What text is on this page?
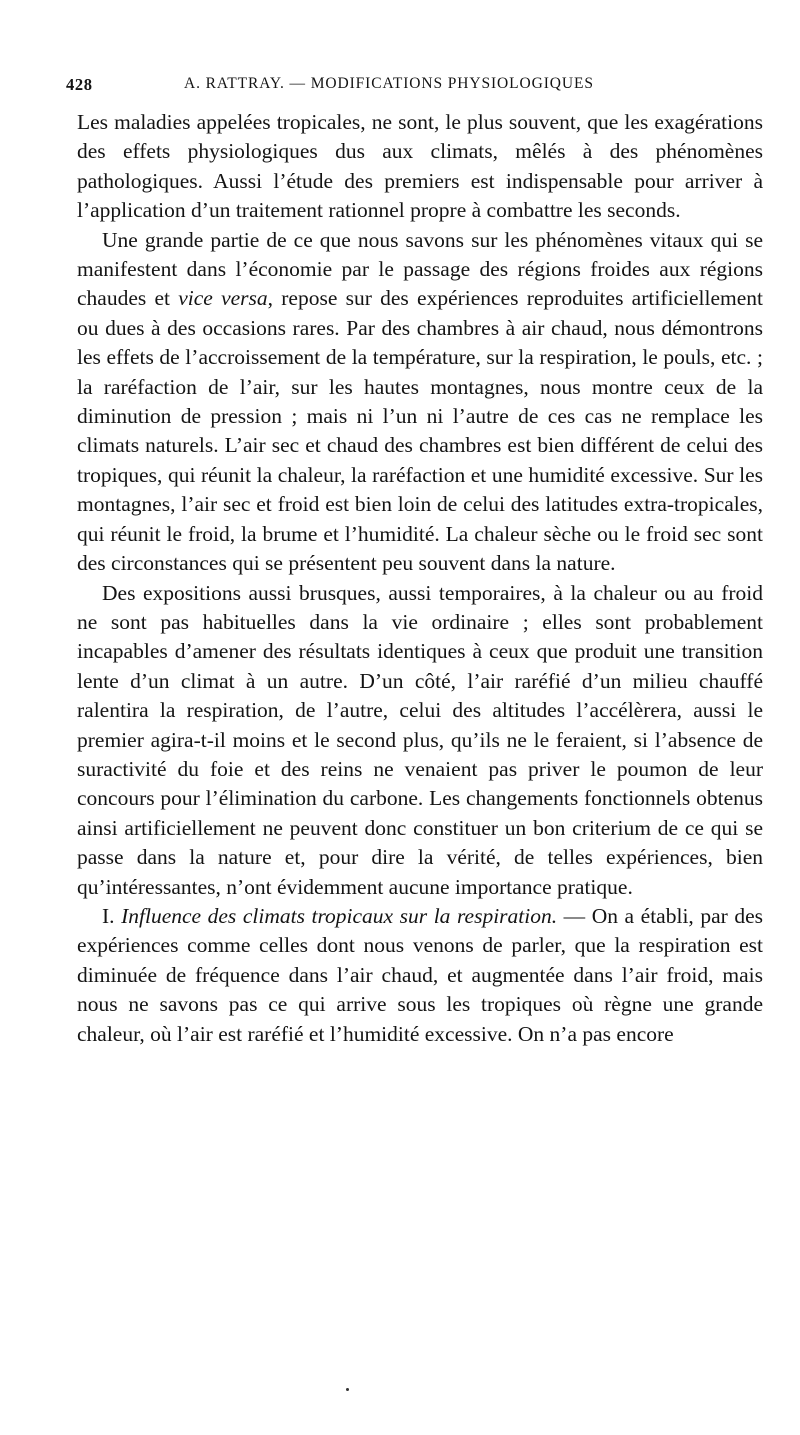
428	A. RATTRAY. — MODIFICATIONS PHYSIOLOGIQUES

Les maladies appelées tropicales, ne sont, le plus souvent, que les exagérations des effets physiologiques dus aux climats, mêlés à des phénomènes pathologiques. Aussi l’étude des premiers est indispensable pour arriver à l’application d’un traitement rationnel propre à combattre les seconds.

Une grande partie de ce que nous savons sur les phénomènes vitaux qui se manifestent dans l’économie par le passage des régions froides aux régions chaudes et vice versa, repose sur des expériences reproduites artificiellement ou dues à des occasions rares. Par des chambres à air chaud, nous démontrons les effets de l’accroissement de la température, sur la respiration, le pouls, etc. ; la raréfaction de l’air, sur les hautes montagnes, nous montre ceux de la diminution de pression ; mais ni l’un ni l’autre de ces cas ne remplace les climats naturels. L’air sec et chaud des chambres est bien différent de celui des tropiques, qui réunit la chaleur, la raréfaction et une humidité excessive. Sur les montagnes, l’air sec et froid est bien loin de celui des latitudes extra-tropicales, qui réunit le froid, la brume et l’humidité. La chaleur sèche ou le froid sec sont des circonstances qui se présentent peu souvent dans la nature.

Des expositions aussi brusques, aussi temporaires, à la chaleur ou au froid ne sont pas habituelles dans la vie ordinaire ; elles sont probablement incapables d’amener des résultats identiques à ceux que produit une transition lente d’un climat à un autre. D’un côté, l’air raréfié d’un milieu chauffé ralentira la respiration, de l’autre, celui des altitudes l’accélèrera, aussi le premier agira-t-il moins et le second plus, qu’ils ne le feraient, si l’absence de suractivité du foie et des reins ne venaient pas priver le poumon de leur concours pour l’élimination du carbone. Les changements fonctionnels obtenus ainsi artificiellement ne peuvent donc constituer un bon criterium de ce qui se passe dans la nature et, pour dire la vérité, de telles expériences, bien qu’intéressantes, n’ont évidemment aucune importance pratique.

I. Influence des climats tropicaux sur la respiration. — On a établi, par des expériences comme celles dont nous venons de parler, que la respiration est diminuée de fréquence dans l’air chaud, et augmentée dans l’air froid, mais nous ne savons pas ce qui arrive sous les tropiques où règne une grande chaleur, où l’air est raréfié et l’humidité excessive. On n’a pas encore
